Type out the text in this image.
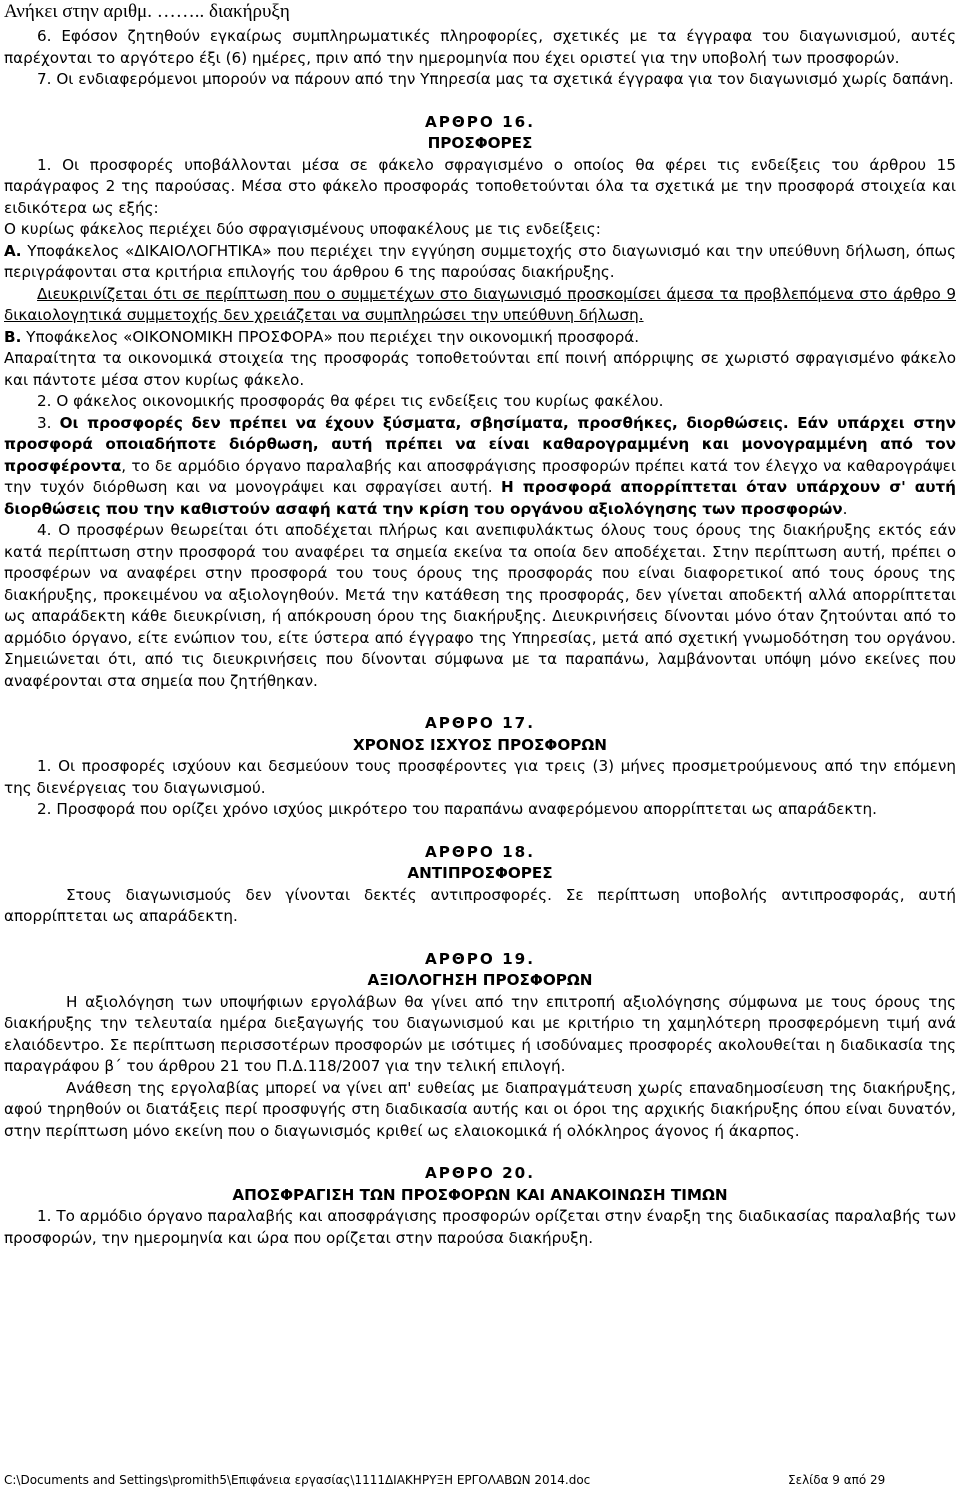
Ανήκει στην αριθμ. …….. διακήρυξη

6. Εφόσον ζητηθούν εγκαίρως συμπληρωματικές πληροφορίες, σχετικές με τα έγγραφα του διαγωνισμού, αυτές παρέχονται το αργότερο έξι (6) ημέρες, πριν από την ημερομηνία που έχει οριστεί για την υποβολή των προσφορών.

7. Οι ενδιαφερόμενοι μπορούν να πάρουν από την Υπηρεσία μας τα σχετικά έγγραφα για τον διαγωνισμό χωρίς δαπάνη.

ΑΡΘΡΟ 16.

ΠΡΟΣΦΟΡΕΣ

1. Οι προσφορές υποβάλλονται μέσα σε φάκελο σφραγισμένο ο οποίος θα φέρει τις ενδείξεις του άρθρου 15 παράγραφος 2 της παρούσας. Μέσα στο φάκελο προσφοράς τοποθετούνται όλα τα σχετικά με την προσφορά στοιχεία και ειδικότερα ως εξής:

Ο κυρίως φάκελος περιέχει δύο σφραγισμένους υποφακέλους με τις ενδείξεις:

Α. Υποφάκελος «ΔΙΚΑΙΟΛΟΓΗΤΙΚΑ» που περιέχει την εγγύηση συμμετοχής στο διαγωνισμό και την υπεύθυνη δήλωση, όπως περιγράφονται στα κριτήρια επιλογής του άρθρου 6 της παρούσας διακήρυξης.

Διευκρινίζεται ότι σε περίπτωση που ο συμμετέχων στο διαγωνισμό προσκομίσει άμεσα τα προβλεπόμενα στο άρθρο 9 δικαιολογητικά συμμετοχής δεν χρειάζεται να συμπληρώσει την υπεύθυνη δήλωση.

Β. Υποφάκελος «ΟΙΚΟΝΟΜΙΚΗ ΠΡΟΣΦΟΡΑ» που περιέχει την οικονομική προσφορά.

Απαραίτητα τα οικονομικά στοιχεία της προσφοράς τοποθετούνται επί ποινή απόρριψης σε χωριστό σφραγισμένο φάκελο και πάντοτε μέσα στον κυρίως φάκελο.

2. Ο φάκελος οικονομικής προσφοράς θα φέρει τις ενδείξεις του κυρίως φακέλου.

3. Οι προσφορές δεν πρέπει να έχουν ξύσματα, σβησίματα, προσθήκες, διορθώσεις. Εάν υπάρχει στην προσφορά οποιαδήποτε διόρθωση, αυτή πρέπει να είναι καθαρογραμμένη και μονογραμμένη από τον προσφέροντα, το δε αρμόδιο όργανο παραλαβής και αποσφράγισης προσφορών πρέπει κατά τον έλεγχο να καθαρογράψει την τυχόν διόρθωση και να μονογράψει και σφραγίσει αυτή. Η προσφορά απορρίπτεται όταν υπάρχουν σ' αυτή διορθώσεις που την καθιστούν ασαφή κατά την κρίση του οργάνου αξιολόγησης των προσφορών.

4. Ο προσφέρων θεωρείται ότι αποδέχεται πλήρως και ανεπιφυλάκτως όλους τους όρους της διακήρυξης εκτός εάν κατά περίπτωση στην προσφορά του αναφέρει τα σημεία εκείνα τα οποία δεν αποδέχεται. Στην περίπτωση αυτή, πρέπει ο προσφέρων να αναφέρει στην προσφορά του τους όρους της προσφοράς που είναι διαφορετικοί από τους όρους της διακήρυξης, προκειμένου να αξιολογηθούν. Μετά την κατάθεση της προσφοράς, δεν γίνεται αποδεκτή αλλά απορρίπτεται ως απαράδεκτη κάθε διευκρίνιση, ή απόκρουση όρου της διακήρυξης. Διευκρινήσεις δίνονται μόνο όταν ζητούνται από το αρμόδιο όργανο, είτε ενώπιον του, είτε ύστερα από έγγραφο της Υπηρεσίας, μετά από σχετική γνωμοδότηση του οργάνου. Σημειώνεται ότι, από τις διευκρινήσεις που δίνονται σύμφωνα με τα παραπάνω, λαμβάνονται υπόψη μόνο εκείνες που αναφέρονται στα σημεία που ζητήθηκαν.

ΑΡΘΡΟ 17.

ΧΡΟΝΟΣ ΙΣΧΥΟΣ ΠΡΟΣΦΟΡΩΝ

1. Οι προσφορές ισχύουν και δεσμεύουν τους προσφέροντες για τρεις (3) μήνες προσμετρούμενους από την επόμενη της διενέργειας του διαγωνισμού.

2. Προσφορά που ορίζει χρόνο ισχύος μικρότερο του παραπάνω αναφερόμενου απορρίπτεται ως απαράδεκτη.

ΑΡΘΡΟ 18.

ΑΝΤΙΠΡΟΣΦΟΡΕΣ

Στους διαγωνισμούς δεν γίνονται δεκτές αντιπροσφορές. Σε περίπτωση υποβολής αντιπροσφοράς, αυτή απορρίπτεται ως απαράδεκτη.

ΑΡΘΡΟ 19.

ΑΞΙΟΛΟΓΗΣΗ ΠΡΟΣΦΟΡΩΝ

Η αξιολόγηση των υποψήφιων εργολάβων θα γίνει από την επιτροπή αξιολόγησης σύμφωνα με τους όρους της διακήρυξης την τελευταία ημέρα διεξαγωγής του διαγωνισμού και με κριτήριο τη χαμηλότερη προσφερόμενη τιμή ανά ελαιόδεντρο. Σε περίπτωση περισσοτέρων προσφορών με ισότιμες ή ισοδύναμες προσφορές ακολουθείται η διαδικασία της παραγράφου β΄ του άρθρου 21 του Π.Δ.118/2007 για την τελική επιλογή.

Ανάθεση της εργολαβίας μπορεί να γίνει απ' ευθείας με διαπραγμάτευση χωρίς επαναδημοσίευση της διακήρυξης, αφού τηρηθούν οι διατάξεις περί προσφυγής στη διαδικασία αυτής και οι όροι της αρχικής διακήρυξης όπου είναι δυνατόν, στην περίπτωση μόνο εκείνη που ο διαγωνισμός κριθεί ως ελαιοκομικά ή ολόκληρος άγονος ή άκαρπος.

ΑΡΘΡΟ 20.

ΑΠΟΣΦΡΑΓΙΣΗ ΤΩΝ ΠΡΟΣΦΟΡΩΝ ΚΑΙ ΑΝΑΚΟΙΝΩΣΗ ΤΙΜΩΝ

1. Το αρμόδιο όργανο παραλαβής και αποσφράγισης προσφορών ορίζεται στην έναρξη της διαδικασίας παραλαβής των προσφορών, την ημερομηνία και ώρα που ορίζεται στην παρούσα διακήρυξη.

C:\Documents and Settings\promith5\Επιφάνεια εργασίας\1111ΔΙΑΚΗΡΥΞΗ ΕΡΓΟΛΑΒΩΝ 2014.doc	Σελίδα 9 από 29
